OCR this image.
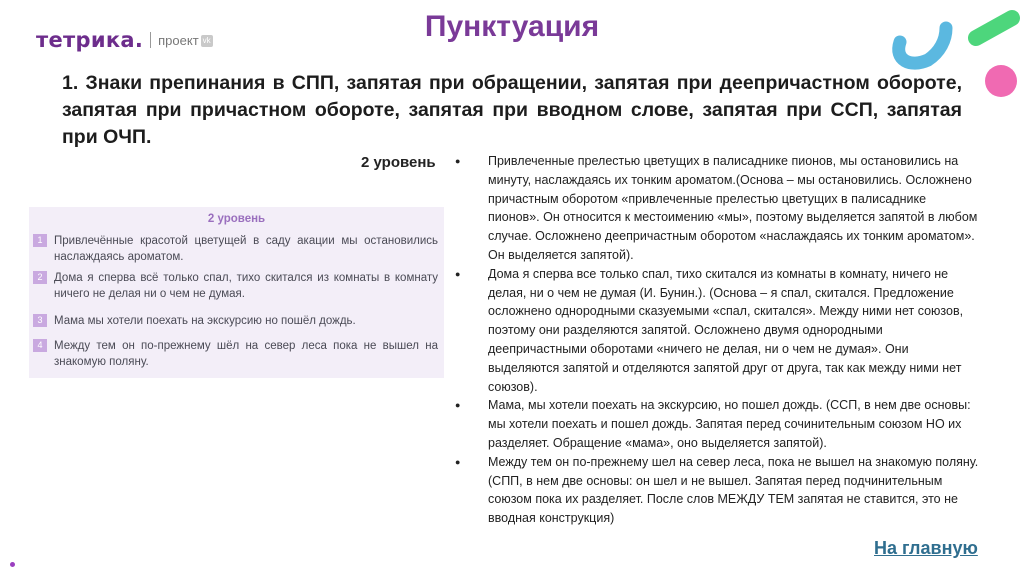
тетрика. проект vk	Пунктуация
1. Знаки препинания в СПП, запятая при обращении, запятая при деепричастном обороте, запятая при причастном обороте, запятая при вводном слове, запятая при ССП, запятая при ОЧП.
2 уровень
2 уровень
1	Привлечённые красотой цветущей в саду акации мы остановились наслаждаясь ароматом.
2	Дома я сперва всё только спал, тихо скитался из комнаты в комнату ничего не делая ни о чем не думая.
3	Мама мы хотели поехать на экскурсию но пошёл дождь.
4	Между тем он по-прежнему шёл на север леса пока не вышел на знакомую поляну.
●	Привлеченные прелестью цветущих в палисаднике пионов, мы остановились на минуту, наслаждаясь их тонким ароматом.(Основа – мы остановились. Осложнено причастным оборотом «привлеченные прелестью цветущих в палисаднике пионов». Он относится к местоимению «мы», поэтому выделяется запятой в любом случае. Осложнено деепричастным оборотом «наслаждаясь их тонким ароматом». Он выделяется запятой).
●	Дома я сперва все только спал, тихо скитался из комнаты в комнату, ничего не делая, ни о чем не думая (И. Бунин.). (Основа – я спал, скитался. Предложение осложнено однородными сказуемыми «спал, скитался». Между ними нет союзов, поэтому они разделяются запятой. Осложнено двумя однородными деепричастными оборотами «ничего не делая, ни о чем не думая». Они выделяются запятой и отделяются запятой друг от друга, так как между ними нет союзов).
●	Мама, мы хотели поехать на экскурсию, но пошел дождь. (ССП, в нем две основы: мы хотели поехать и пошел дождь. Запятая перед сочинительным союзом НО их разделяет. Обращение «мама», оно выделяется запятой).
●	Между тем он по-прежнему шел на север леса, пока не вышел на знакомую поляну. (СПП, в нем две основы: он шел и не вышел. Запятая перед подчинительным союзом пока их разделяет. После слов МЕЖДУ ТЕМ запятая не ставится, это не вводная конструкция)
На главную
